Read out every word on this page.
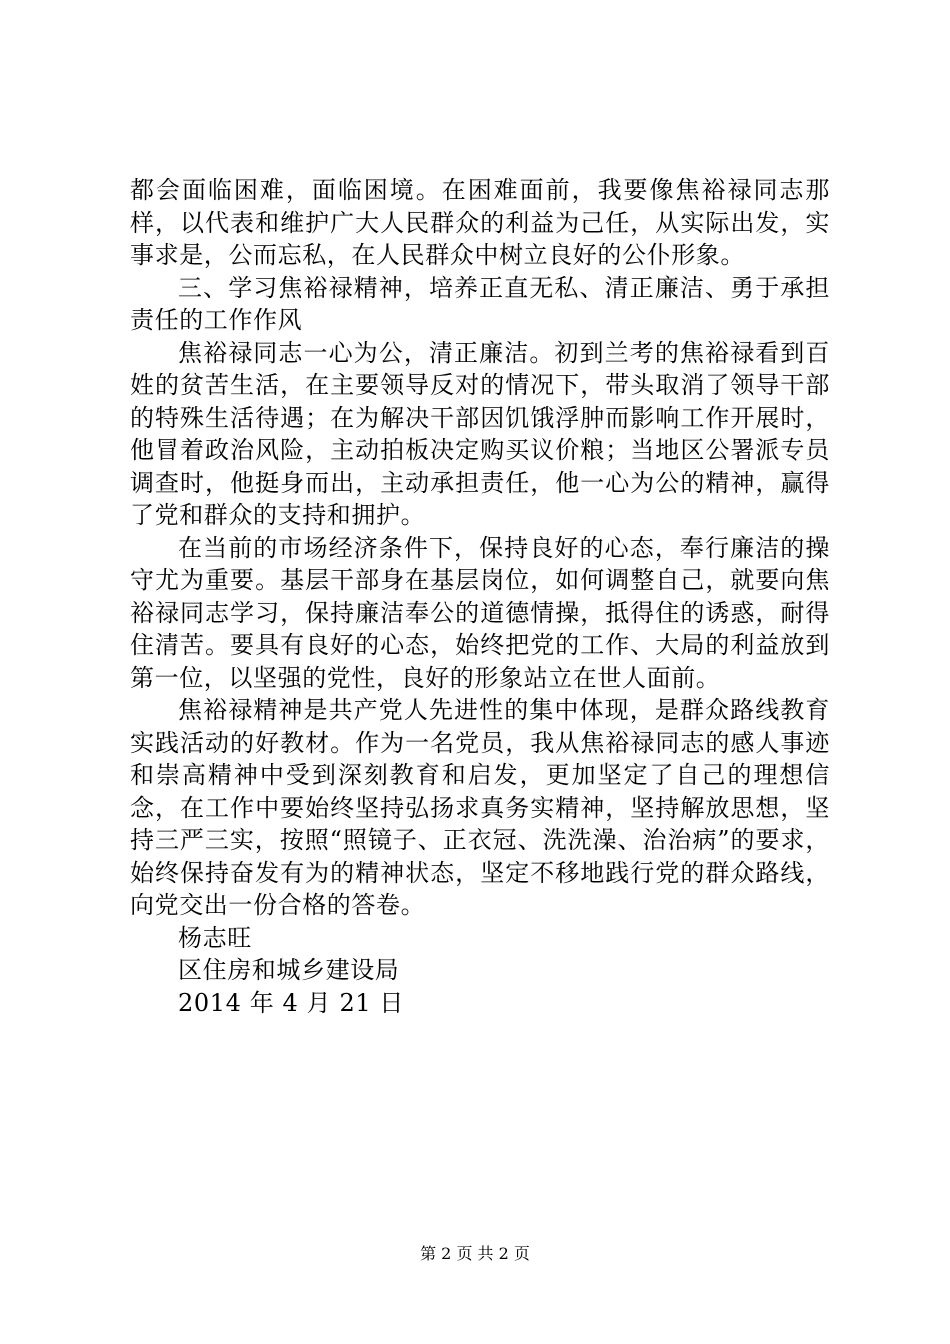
都会面临困难，面临困境。在困难面前，我要像焦裕禄同志那样，以代表和维护广大人民群众的利益为己任，从实际出发，实事求是，公而忘私，在人民群众中树立良好的公仆形象。

三、学习焦裕禄精神，培养正直无私、清正廉洁、勇于承担责任的工作作风

焦裕禄同志一心为公，清正廉洁。初到兰考的焦裕禄看到百姓的贫苦生活，在主要领导反对的情况下，带头取消了领导干部的特殊生活待遇；在为解决干部因饥饿浮肿而影响工作开展时，他冒着政治风险，主动拍板决定购买议价粮；当地区公署派专员调查时，他挺身而出，主动承担责任，他一心为公的精神，赢得了党和群众的支持和拥护。

在当前的市场经济条件下，保持良好的心态，奉行廉洁的操守尤为重要。基层干部身在基层岗位，如何调整自己，就要向焦裕禄同志学习，保持廉洁奉公的道德情操，抵得住的诱惑，耐得住清苦。要具有良好的心态，始终把党的工作、大局的利益放到第一位，以坚强的党性，良好的形象站立在世人面前。

焦裕禄精神是共产党人先进性的集中体现，是群众路线教育实践活动的好教材。作为一名党员，我从焦裕禄同志的感人事迹和崇高精神中受到深刻教育和启发，更加坚定了自己的理想信念，在工作中要始终坚持弘扬求真务实精神，坚持解放思想，坚持三严三实，按照“照镜子、正衣冠、洗洗澡、治治病”的要求，始终保持奋发有为的精神状态，坚定不移地践行党的群众路线，向党交出一份合格的答卷。

杨志旺

区住房和城乡建设局

2014 年 4 月 21 日

第 2 页 共 2 页
